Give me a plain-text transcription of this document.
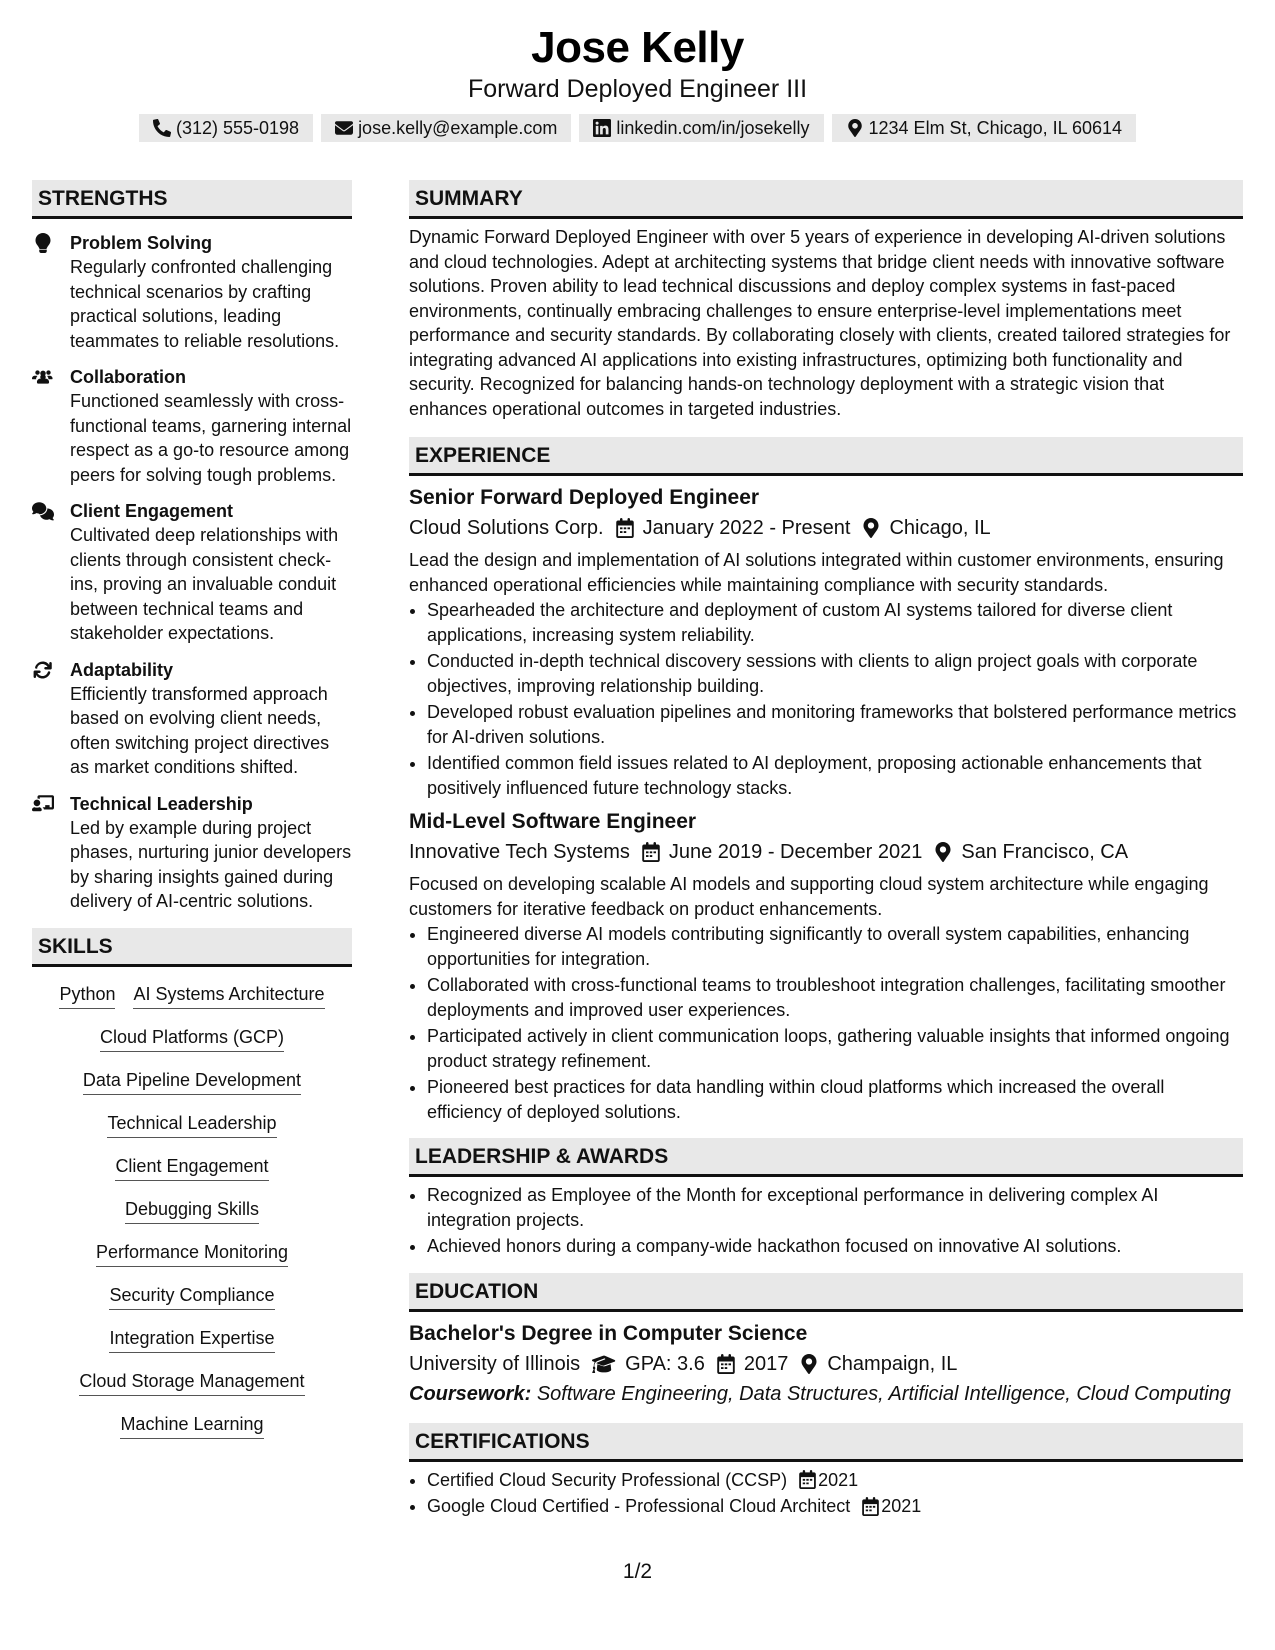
Jose Kelly
Forward Deployed Engineer III
(312) 555-0198	jose.kelly@example.com	linkedin.com/in/josekelly	1234 Elm St, Chicago, IL 60614
STRENGTHS
Problem Solving
Regularly confronted challenging technical scenarios by crafting practical solutions, leading teammates to reliable resolutions.
Collaboration
Functioned seamlessly with cross-functional teams, garnering internal respect as a go-to resource among peers for solving tough problems.
Client Engagement
Cultivated deep relationships with clients through consistent check-ins, proving an invaluable conduit between technical teams and stakeholder expectations.
Adaptability
Efficiently transformed approach based on evolving client needs, often switching project directives as market conditions shifted.
Technical Leadership
Led by example during project phases, nurturing junior developers by sharing insights gained during delivery of AI-centric solutions.
SKILLS
Python AI Systems Architecture
Cloud Platforms (GCP)
Data Pipeline Development
Technical Leadership
Client Engagement
Debugging Skills
Performance Monitoring
Security Compliance
Integration Expertise
Cloud Storage Management
Machine Learning
SUMMARY
Dynamic Forward Deployed Engineer with over 5 years of experience in developing AI-driven solutions and cloud technologies. Adept at architecting systems that bridge client needs with innovative software solutions. Proven ability to lead technical discussions and deploy complex systems in fast-paced environments, continually embracing challenges to ensure enterprise-level implementations meet performance and security standards. By collaborating closely with clients, created tailored strategies for integrating advanced AI applications into existing infrastructures, optimizing both functionality and security. Recognized for balancing hands-on technology deployment with a strategic vision that enhances operational outcomes in targeted industries.
EXPERIENCE
Senior Forward Deployed Engineer
Cloud Solutions Corp. January 2022 - Present Chicago, IL
Lead the design and implementation of AI solutions integrated within customer environments, ensuring enhanced operational efficiencies while maintaining compliance with security standards.
• Spearheaded the architecture and deployment of custom AI systems tailored for diverse client applications, increasing system reliability.
• Conducted in-depth technical discovery sessions with clients to align project goals with corporate objectives, improving relationship building.
• Developed robust evaluation pipelines and monitoring frameworks that bolstered performance metrics for AI-driven solutions.
• Identified common field issues related to AI deployment, proposing actionable enhancements that positively influenced future technology stacks.
Mid-Level Software Engineer
Innovative Tech Systems June 2019 - December 2021 San Francisco, CA
Focused on developing scalable AI models and supporting cloud system architecture while engaging customers for iterative feedback on product enhancements.
• Engineered diverse AI models contributing significantly to overall system capabilities, enhancing opportunities for integration.
• Collaborated with cross-functional teams to troubleshoot integration challenges, facilitating smoother deployments and improved user experiences.
• Participated actively in client communication loops, gathering valuable insights that informed ongoing product strategy refinement.
• Pioneered best practices for data handling within cloud platforms which increased the overall efficiency of deployed solutions.
LEADERSHIP & AWARDS
• Recognized as Employee of the Month for exceptional performance in delivering complex AI integration projects.
• Achieved honors during a company-wide hackathon focused on innovative AI solutions.
EDUCATION
Bachelor's Degree in Computer Science
University of Illinois GPA: 3.6 2017 Champaign, IL
Coursework: Software Engineering, Data Structures, Artificial Intelligence, Cloud Computing
CERTIFICATIONS
• Certified Cloud Security Professional (CCSP) 2021
• Google Cloud Certified - Professional Cloud Architect 2021
1/2
